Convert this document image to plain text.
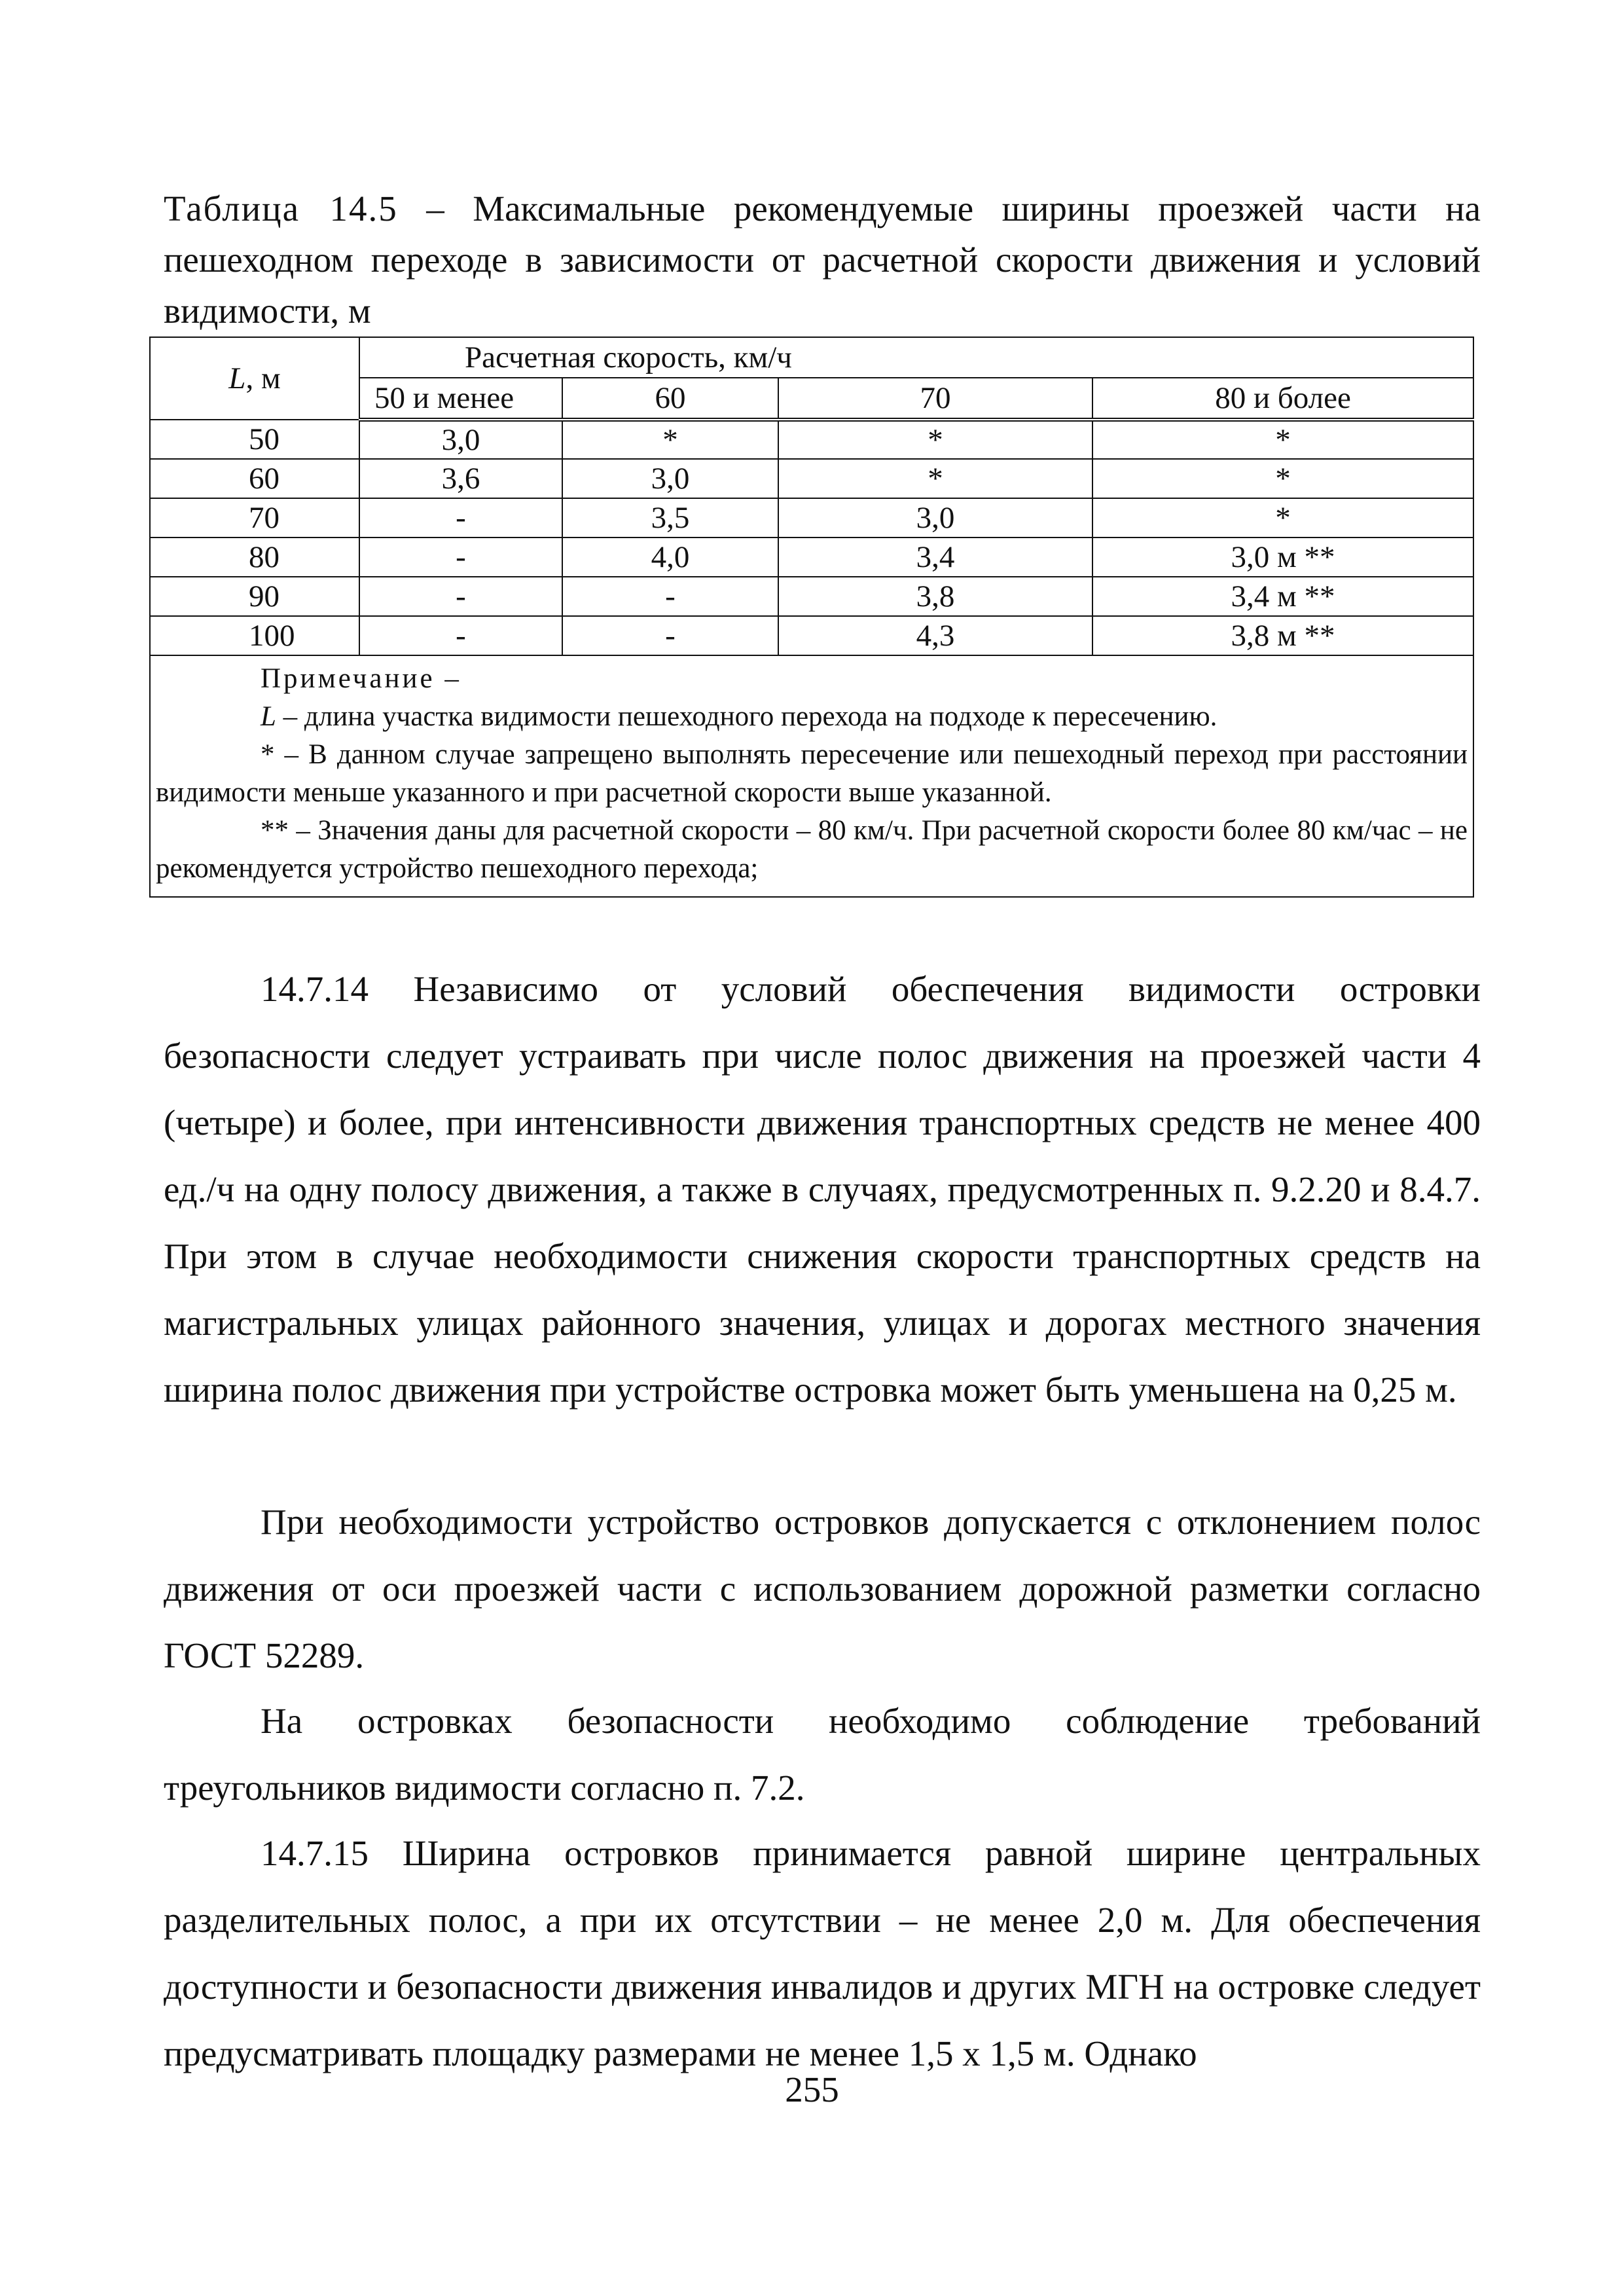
Таблица 14.5 – Максимальные рекомендуемые ширины проезжей части на пешеходном переходе в зависимости от расчетной скорости движения и условий видимости, м

L, м	Расчетная скорость, км/ч			
	50 и менее	60	70	80 и более
50	3,0	*	*	*
60	3,6	3,0	*	*
70	-	3,5	3,0	*
80	-	4,0	3,4	3,0 м **
90	-	-	3,8	3,4 м **
100	-	-	4,3	3,8 м **

Примечание –

L – длина участка видимости пешеходного перехода на подходе к пересечению.

* – В данном случае запрещено выполнять пересечение или пешеходный переход при расстоянии видимости меньше указанного и при расчетной скорости выше указанной.

** – Значения даны для расчетной скорости – 80 км/ч. При расчетной скорости более 80 км/час – не рекомендуется устройство пешеходного перехода;				

14.7.14 Независимо от условий обеспечения видимости островки безопасности следует устраивать при числе полос движения на проезжей части 4 (четыре) и более, при интенсивности движения транспортных средств не менее 400 ед./ч на одну полосу движения, а также в случаях, предусмотренных п. 9.2.20 и 8.4.7. При этом в случае необходимости снижения скорости транспортных средств на магистральных улицах районного значения, улицах и дорогах местного значения ширина полос движения при устройстве островка может быть уменьшена на 0,25 м.

При необходимости устройство островков допускается с отклонением полос движения от оси проезжей части с использованием дорожной разметки согласно ГОСТ 52289.

На островках безопасности необходимо соблюдение требований треугольников видимости согласно п. 7.2.

14.7.15 Ширина островков принимается равной ширине центральных разделительных полос, а при их отсутствии – не менее 2,0 м. Для обеспечения доступности и безопасности движения инвалидов и других МГН на островке следует предусматривать площадку размерами не менее 1,5 х 1,5 м. Однако

255
